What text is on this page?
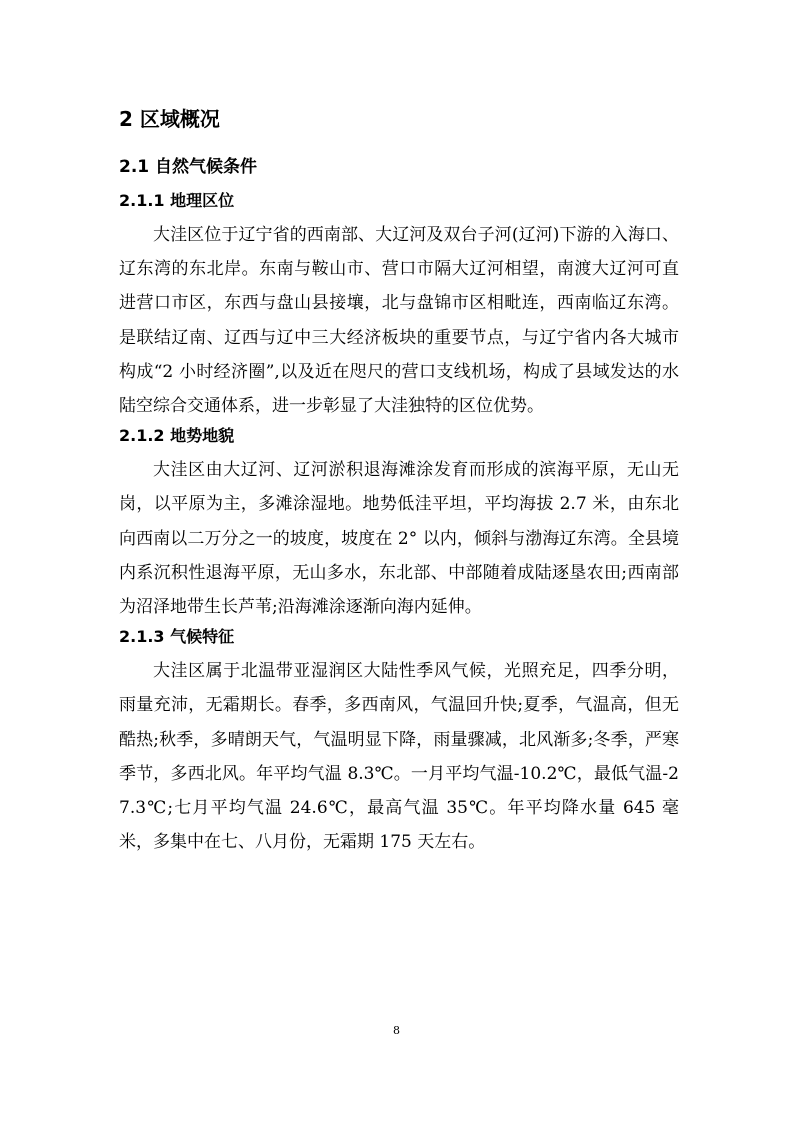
2 区域概况
2.1 自然气候条件
2.1.1 地理区位

大洼区位于辽宁省的西南部、大辽河及双台子河(辽河)下游的入海口、辽东湾的东北岸。东南与鞍山市、营口市隔大辽河相望，南渡大辽河可直进营口市区，东西与盘山县接壤，北与盘锦市区相毗连，西南临辽东湾。是联结辽南、辽西与辽中三大经济板块的重要节点，与辽宁省内各大城市构成“2 小时经济圈”,以及近在咫尺的营口支线机场，构成了县域发达的水陆空综合交通体系，进一步彰显了大洼独特的区位优势。

2.1.2 地势地貌

大洼区由大辽河、辽河淤积退海滩涂发育而形成的滨海平原，无山无岗，以平原为主，多滩涂湿地。地势低洼平坦，平均海拔 2.7 米，由东北向西南以二万分之一的坡度，坡度在 2° 以内，倾斜与渤海辽东湾。全县境内系沉积性退海平原，无山多水，东北部、中部随着成陆逐垦农田;西南部为沼泽地带生长芦苇;沿海滩涂逐渐向海内延伸。

2.1.3 气候特征

大洼区属于北温带亚湿润区大陆性季风气候，光照充足，四季分明，雨量充沛，无霜期长。春季，多西南风，气温回升快;夏季，气温高，但无酷热;秋季，多晴朗天气，气温明显下降，雨量骤减，北风渐多;冬季，严寒季节，多西北风。年平均气温 8.3℃。一月平均气温-10.2℃，最低气温-27.3℃;七月平均气温 24.6℃，最高气温 35℃。年平均降水量 645 毫米，多集中在七、八月份，无霜期 175 天左右。

8
